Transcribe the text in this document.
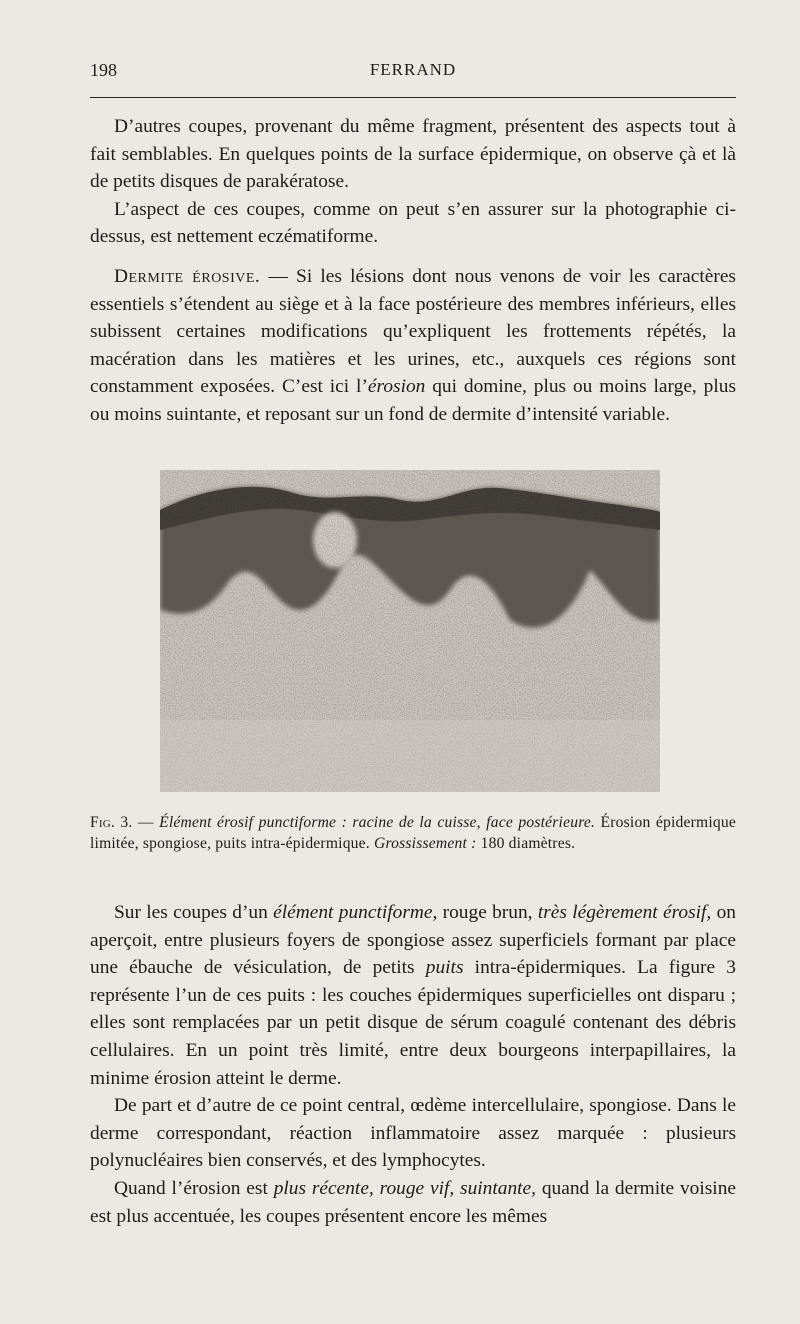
198	FERRAND

D’autres coupes, provenant du même fragment, présentent des aspects tout à fait semblables. En quelques points de la surface épidermique, on observe çà et là de petits disques de parakératose.

L’aspect de ces coupes, comme on peut s’en assurer sur la photographie ci-dessus, est nettement eczématiforme.

Dermite érosive. — Si les lésions dont nous venons de voir les caractères essentiels s’étendent au siège et à la face postérieure des membres inférieurs, elles subissent certaines modifications qu’expliquent les frottements répétés, la macération dans les matières et les urines, etc., auxquels ces régions sont constamment exposées. C’est ici l’érosion qui domine, plus ou moins large, plus ou moins suintante, et reposant sur un fond de dermite d’intensité variable.

Fig. 3. — Élément érosif punctiforme : racine de la cuisse, face postérieure. Érosion épidermique limitée, spongiose, puits intra-épidermique. Grossissement : 180 diamètres.

Sur les coupes d’un élément punctiforme, rouge brun, très légèrement érosif, on aperçoit, entre plusieurs foyers de spongiose assez superficiels formant par place une ébauche de vésiculation, de petits puits intra-épidermiques. La figure 3 représente l’un de ces puits : les couches épidermiques superficielles ont disparu ; elles sont remplacées par un petit disque de sérum coagulé contenant des débris cellulaires. En un point très limité, entre deux bourgeons interpapillaires, la minime érosion atteint le derme.

De part et d’autre de ce point central, œdème intercellulaire, spongiose. Dans le derme correspondant, réaction inflammatoire assez marquée : plusieurs polynucléaires bien conservés, et des lymphocytes.

Quand l’érosion est plus récente, rouge vif, suintante, quand la dermite voisine est plus accentuée, les coupes présentent encore les mêmes
